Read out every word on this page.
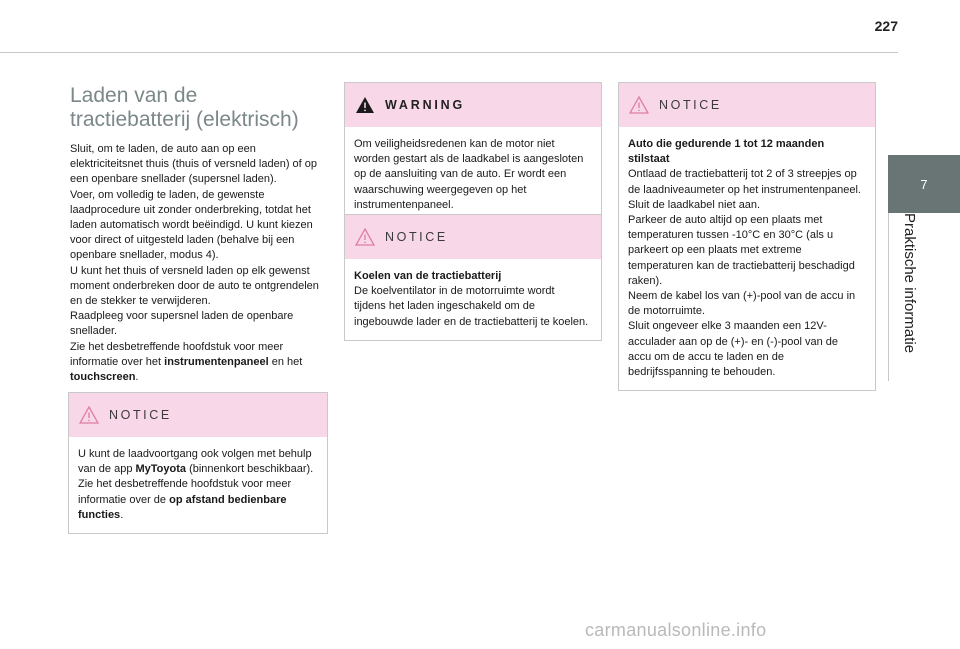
227
7
Praktische informatie
Laden van de
tractiebatterij (elektrisch)

Sluit, om te laden, de auto aan op een elektriciteitsnet thuis (thuis of versneld laden) of op een openbare snellader (supersnel laden).

Voer, om volledig te laden, de gewenste laadprocedure uit zonder onderbreking, totdat het laden automatisch wordt beëindigd. U kunt kiezen voor direct of uitgesteld laden (behalve bij een openbare snellader, modus 4).

U kunt het thuis of versneld laden op elk gewenst moment onderbreken door de auto te ontgrendelen en de stekker te verwijderen.

Raadpleeg voor supersnel laden de openbare snellader.

Zie het desbetreffende hoofdstuk voor meer informatie over het instrumentenpaneel en het touchscreen.

NOTICE

U kunt de laadvoortgang ook volgen met behulp van de app MyToyota (binnenkort beschikbaar).

Zie het desbetreffende hoofdstuk voor meer informatie over de op afstand bedienbare functies.

WARNING

Om veiligheidsredenen kan de motor niet worden gestart als de laadkabel is aangesloten op de aansluiting van de auto. Er wordt een waarschuwing weergegeven op het instrumentenpaneel.

NOTICE

Koelen van de tractiebatterij

De koelventilator in de motorruimte wordt tijdens het laden ingeschakeld om de ingebouwde lader en de tractiebatterij te koelen.

NOTICE

Auto die gedurende 1 tot 12 maanden stilstaat

Ontlaad de tractiebatterij tot 2 of 3 streepjes op de laadniveaumeter op het instrumentenpaneel.

Sluit de laadkabel niet aan.

Parkeer de auto altijd op een plaats met temperaturen tussen -10°C en 30°C (als u parkeert op een plaats met extreme temperaturen kan de tractiebatterij beschadigd raken).

Neem de kabel los van (+)-pool van de accu in de motorruimte.

Sluit ongeveer elke 3 maanden een 12V-acculader aan op de (+)- en (-)-pool van de accu om de accu te laden en de bedrijfsspanning te behouden.

carmanualsonline.info
